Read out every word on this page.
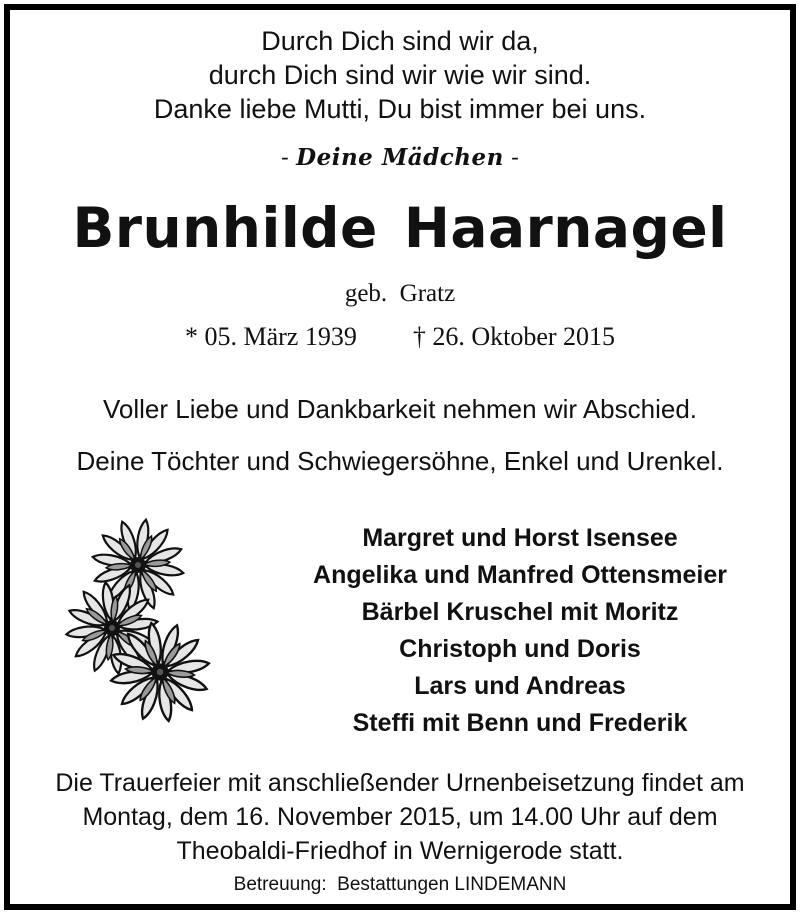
Durch Dich sind wir da,
durch Dich sind wir wie wir sind.
Danke liebe Mutti, Du bist immer bei uns.
- Deine Mädchen -
Brunhilde Haarnagel
geb.  Gratz
* 05. März 1939 † 26. Oktober 2015
Voller Liebe und Dankbarkeit nehmen wir Abschied.
Deine Töchter und Schwiegersöhne, Enkel und Urenkel.
Margret und Horst Isensee
Angelika und Manfred Ottensmeier
Bärbel Kruschel mit Moritz
Christoph und Doris
Lars und Andreas
Steffi mit Benn und Frederik
Die Trauerfeier mit anschließender Urnenbeisetzung findet am
Montag, dem 16. November 2015, um 14.00 Uhr auf dem
Theobaldi-Friedhof in Wernigerode statt.
Betreuung:  Bestattungen LINDEMANN
